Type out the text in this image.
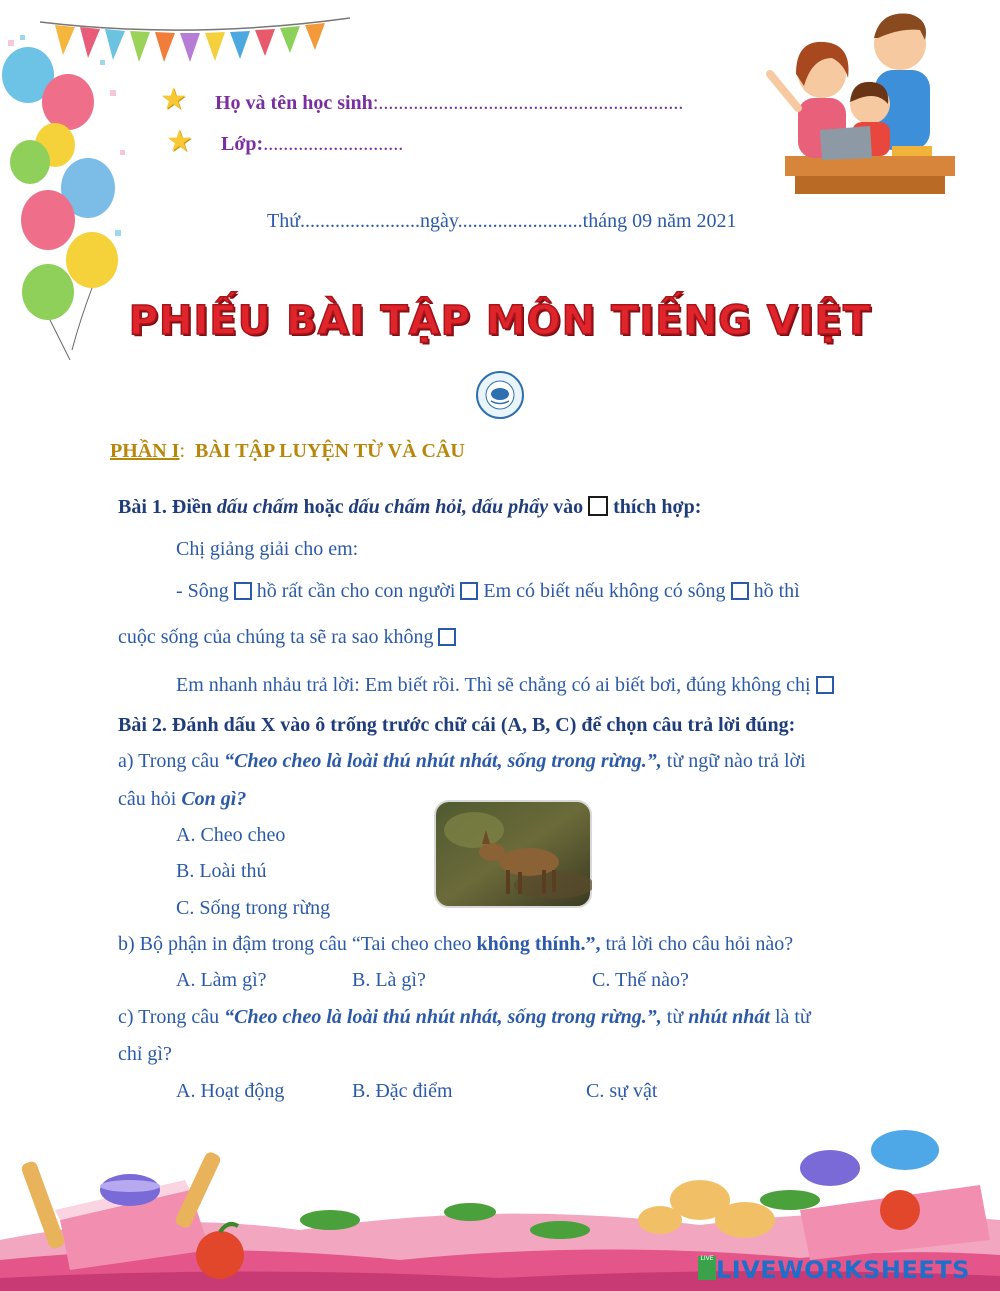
★ Họ và tên học sinh:.............................................................
★ Lớp:............................
Thứ........................ngày.........................tháng 09 năm 2021
PHIẾU BÀI TẬP MÔN TIẾNG VIỆT
PHẦN I: BÀI TẬP LUYỆN TỪ VÀ CÂU
Bài 1. Điền dấu chấm hoặc dấu chấm hỏi, dấu phẩy vào  thích hợp:
Chị giảng giải cho em:
- Sông  hồ rất cần cho con người  Em có biết nếu không có sông  hồ thì
cuộc sống của chúng ta sẽ ra sao không
Em nhanh nhảu trả lời: Em biết rồi. Thì sẽ chẳng có ai biết bơi, đúng không chị
Bài 2. Đánh dấu X vào ô trống trước chữ cái (A, B, C) để chọn câu trả lời đúng:
a) Trong câu “Cheo cheo là loài thú nhút nhát, sống trong rừng.”, từ ngữ nào trả lời
câu hỏi Con gì?
A. Cheo cheo
B. Loài thú
C. Sống trong rừng
b) Bộ phận in đậm trong câu “Tai cheo cheo không thính.”, trả lời cho câu hỏi nào?
A. Làm gì?	B. Là gì?	C. Thế nào?
c) Trong câu “Cheo cheo là loài thú nhút nhát, sống trong rừng.”, từ nhút nhát là từ
chỉ gì?
A. Hoạt động	B. Đặc điểm	C. sự vật
LIVE LIVEWORKSHEETS
